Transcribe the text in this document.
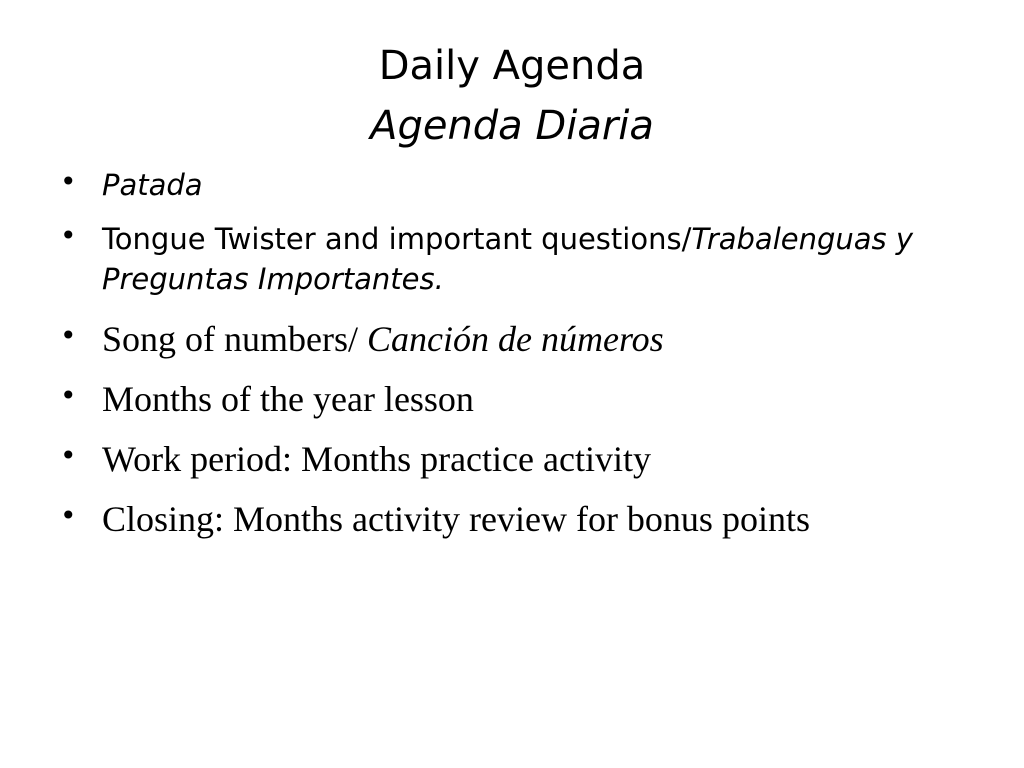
Daily Agenda
Agenda Diaria
• Patada
• Tongue Twister and important questions/Trabalenguas y Preguntas Importantes.
• Song of numbers/ Canción de números
• Months of the year lesson
• Work period: Months practice activity
• Closing: Months activity review for bonus points
